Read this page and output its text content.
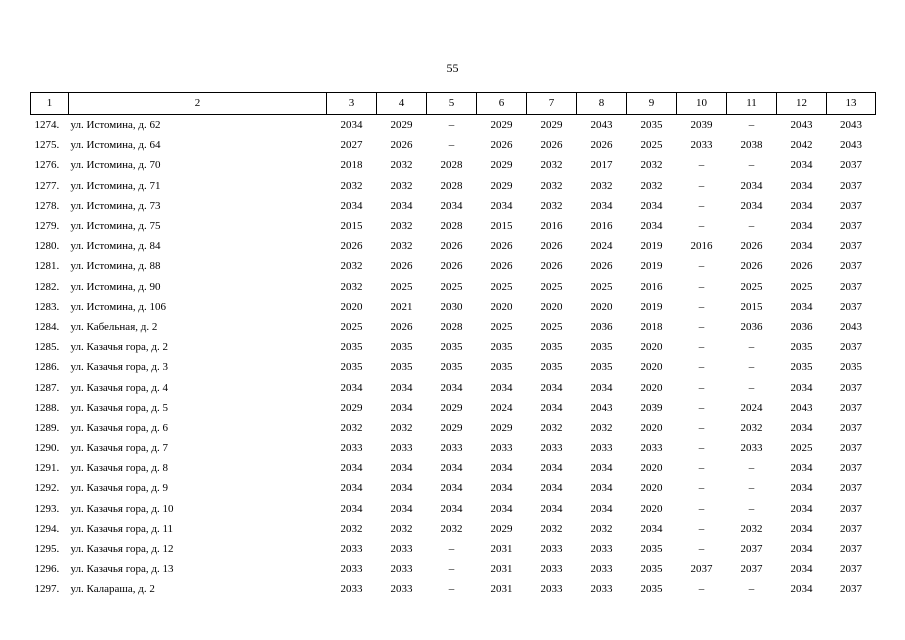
55
1	2	3	4	5	6	7	8	9	10	11	12	13
1274.	ул. Истомина, д. 62	2034	2029	–	2029	2029	2043	2035	2039	–	2043	2043
1275.	ул. Истомина, д. 64	2027	2026	–	2026	2026	2026	2025	2033	2038	2042	2043
1276.	ул. Истомина, д. 70	2018	2032	2028	2029	2032	2017	2032	–	–	2034	2037
1277.	ул. Истомина, д. 71	2032	2032	2028	2029	2032	2032	2032	–	2034	2034	2037
1278.	ул. Истомина, д. 73	2034	2034	2034	2034	2032	2034	2034	–	2034	2034	2037
1279.	ул. Истомина, д. 75	2015	2032	2028	2015	2016	2016	2034	–	–	2034	2037
1280.	ул. Истомина, д. 84	2026	2032	2026	2026	2026	2024	2019	2016	2026	2034	2037
1281.	ул. Истомина, д. 88	2032	2026	2026	2026	2026	2026	2019	–	2026	2026	2037
1282.	ул. Истомина, д. 90	2032	2025	2025	2025	2025	2025	2016	–	2025	2025	2037
1283.	ул. Истомина, д. 106	2020	2021	2030	2020	2020	2020	2019	–	2015	2034	2037
1284.	ул. Кабельная, д. 2	2025	2026	2028	2025	2025	2036	2018	–	2036	2036	2043
1285.	ул. Казачья гора, д. 2	2035	2035	2035	2035	2035	2035	2020	–	–	2035	2037
1286.	ул. Казачья гора, д. 3	2035	2035	2035	2035	2035	2035	2020	–	–	2035	2035
1287.	ул. Казачья гора, д. 4	2034	2034	2034	2034	2034	2034	2020	–	–	2034	2037
1288.	ул. Казачья гора, д. 5	2029	2034	2029	2024	2034	2043	2039	–	2024	2043	2037
1289.	ул. Казачья гора, д. 6	2032	2032	2029	2029	2032	2032	2020	–	2032	2034	2037
1290.	ул. Казачья гора, д. 7	2033	2033	2033	2033	2033	2033	2033	–	2033	2025	2037
1291.	ул. Казачья гора, д. 8	2034	2034	2034	2034	2034	2034	2020	–	–	2034	2037
1292.	ул. Казачья гора, д. 9	2034	2034	2034	2034	2034	2034	2020	–	–	2034	2037
1293.	ул. Казачья гора, д. 10	2034	2034	2034	2034	2034	2034	2020	–	–	2034	2037
1294.	ул. Казачья гора, д. 11	2032	2032	2032	2029	2032	2032	2034	–	2032	2034	2037
1295.	ул. Казачья гора, д. 12	2033	2033	–	2031	2033	2033	2035	–	2037	2034	2037
1296.	ул. Казачья гора, д. 13	2033	2033	–	2031	2033	2033	2035	2037	2037	2034	2037
1297.	ул. Калараша, д. 2	2033	2033	–	2031	2033	2033	2035	–	–	2034	2037
